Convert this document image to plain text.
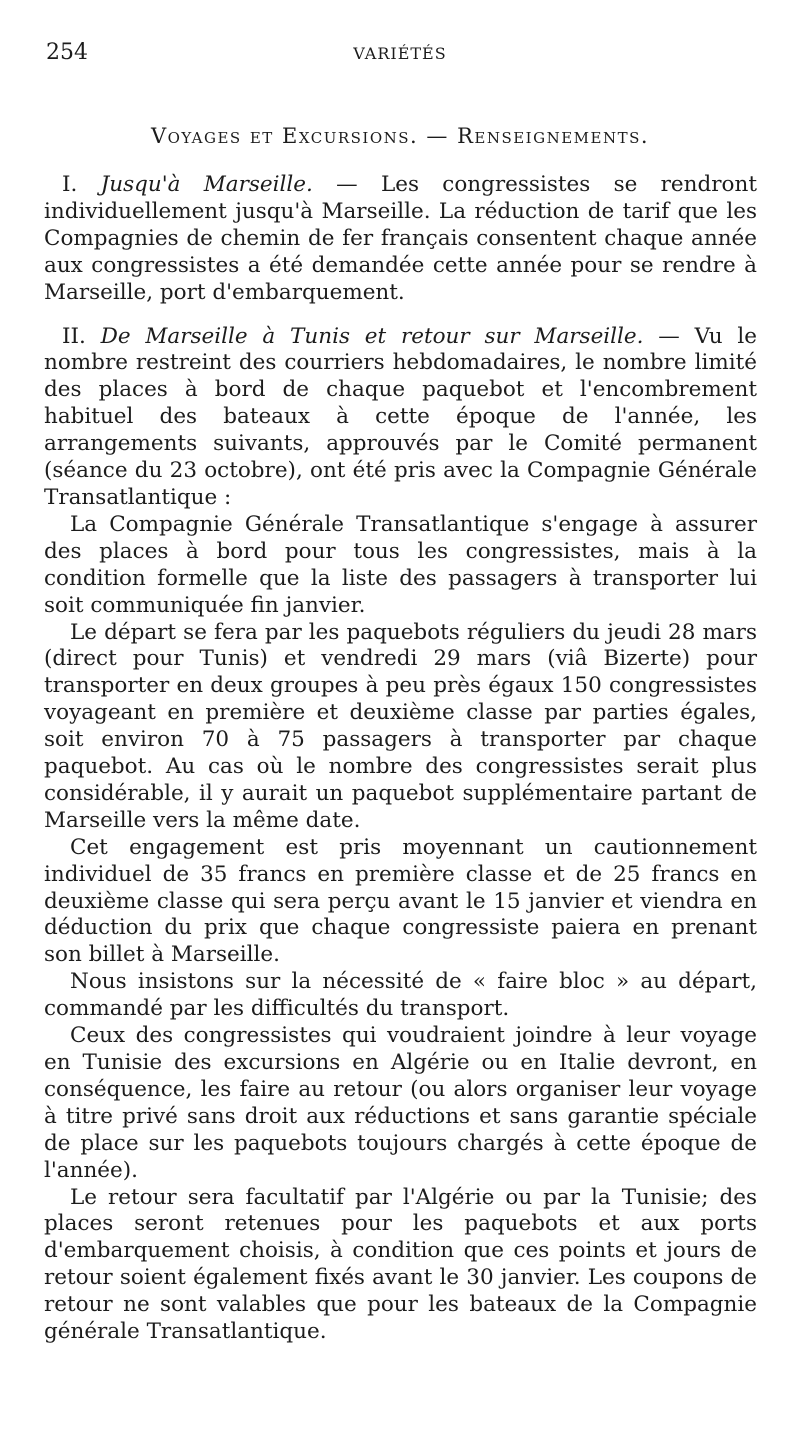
254	VARIÉTÉS
Voyages et Excursions. — Renseignements.

I. Jusqu'à Marseille. — Les congressistes se rendront individuellement jusqu'à Marseille. La réduction de tarif que les Compagnies de chemin de fer français consentent chaque année aux congressistes a été demandée cette année pour se rendre à Marseille, port d'embarquement.

II. De Marseille à Tunis et retour sur Marseille. — Vu le nombre restreint des courriers hebdomadaires, le nombre limité des places à bord de chaque paquebot et l'encombrement habituel des bateaux à cette époque de l'année, les arrangements suivants, approuvés par le Comité permanent (séance du 23 octobre), ont été pris avec la Compagnie Générale Transatlantique :

La Compagnie Générale Transatlantique s'engage à assurer des places à bord pour tous les congressistes, mais à la condition formelle que la liste des passagers à transporter lui soit communiquée fin janvier.

Le départ se fera par les paquebots réguliers du jeudi 28 mars (direct pour Tunis) et vendredi 29 mars (viâ Bizerte) pour transporter en deux groupes à peu près égaux 150 congressistes voyageant en première et deuxième classe par parties égales, soit environ 70 à 75 passagers à transporter par chaque paquebot. Au cas où le nombre des congressistes serait plus considérable, il y aurait un paquebot supplémentaire partant de Marseille vers la même date.

Cet engagement est pris moyennant un cautionnement individuel de 35 francs en première classe et de 25 francs en deuxième classe qui sera perçu avant le 15 janvier et viendra en déduction du prix que chaque congressiste paiera en prenant son billet à Marseille.

Nous insistons sur la nécessité de « faire bloc » au départ, commandé par les difficultés du transport.

Ceux des congressistes qui voudraient joindre à leur voyage en Tunisie des excursions en Algérie ou en Italie devront, en conséquence, les faire au retour (ou alors organiser leur voyage à titre privé sans droit aux réductions et sans garantie spéciale de place sur les paquebots toujours chargés à cette époque de l'année).

Le retour sera facultatif par l'Algérie ou par la Tunisie; des places seront retenues pour les paquebots et aux ports d'embarquement choisis, à condition que ces points et jours de retour soient également fixés avant le 30 janvier. Les coupons de retour ne sont valables que pour les bateaux de la Compagnie générale Transatlantique.
